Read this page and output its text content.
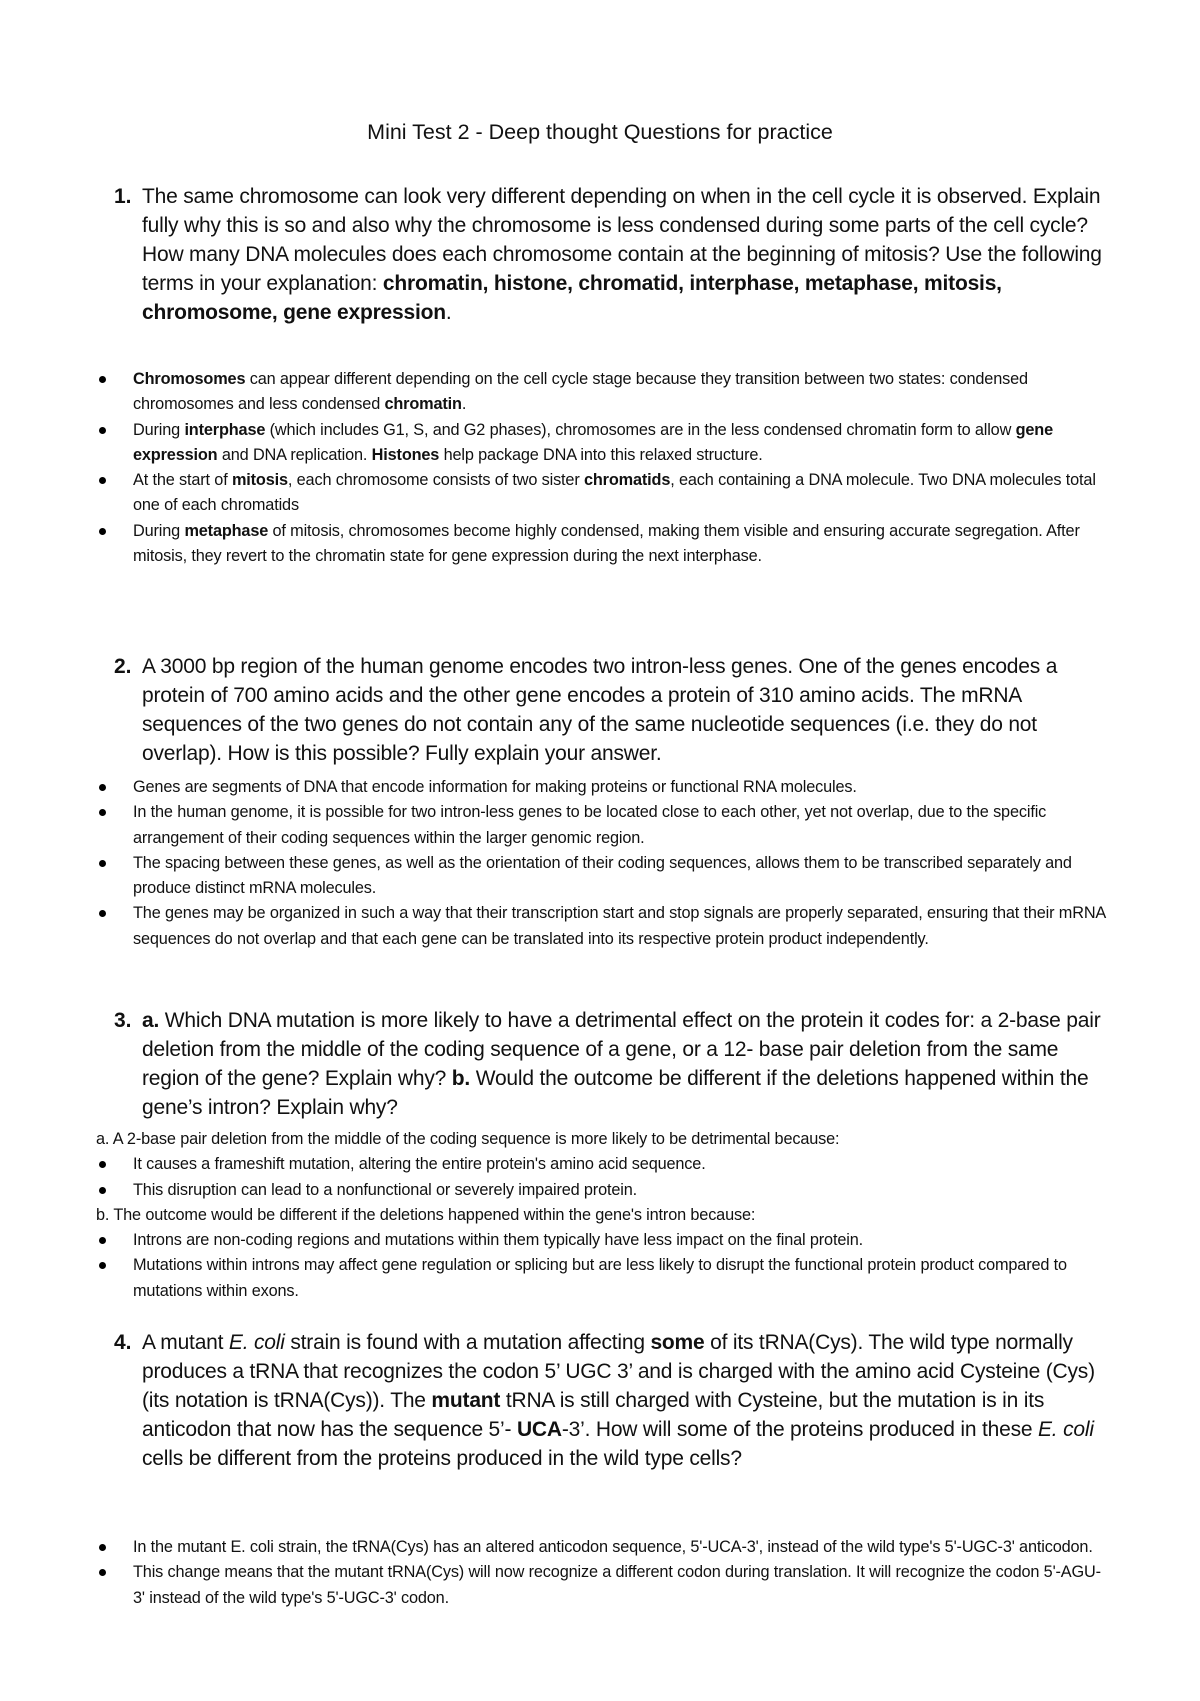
Mini Test 2 - Deep thought Questions for practice
1. The same chromosome can look very different depending on when in the cell cycle it is observed. Explain fully why this is so and also why the chromosome is less condensed during some parts of the cell cycle? How many DNA molecules does each chromosome contain at the beginning of mitosis? Use the following terms in your explanation: chromatin, histone, chromatid, interphase, metaphase, mitosis, chromosome, gene expression.
Chromosomes can appear different depending on the cell cycle stage because they transition between two states: condensed chromosomes and less condensed chromatin.
During interphase (which includes G1, S, and G2 phases), chromosomes are in the less condensed chromatin form to allow gene expression and DNA replication. Histones help package DNA into this relaxed structure.
At the start of mitosis, each chromosome consists of two sister chromatids, each containing a DNA molecule. Two DNA molecules total one of each chromatids
During metaphase of mitosis, chromosomes become highly condensed, making them visible and ensuring accurate segregation. After mitosis, they revert to the chromatin state for gene expression during the next interphase.
2. A 3000 bp region of the human genome encodes two intron-less genes. One of the genes encodes a protein of 700 amino acids and the other gene encodes a protein of 310 amino acids. The mRNA sequences of the two genes do not contain any of the same nucleotide sequences (i.e. they do not overlap). How is this possible? Fully explain your answer.
Genes are segments of DNA that encode information for making proteins or functional RNA molecules.
In the human genome, it is possible for two intron-less genes to be located close to each other, yet not overlap, due to the specific arrangement of their coding sequences within the larger genomic region.
The spacing between these genes, as well as the orientation of their coding sequences, allows them to be transcribed separately and produce distinct mRNA molecules.
The genes may be organized in such a way that their transcription start and stop signals are properly separated, ensuring that their mRNA sequences do not overlap and that each gene can be translated into its respective protein product independently.
3. a. Which DNA mutation is more likely to have a detrimental effect on the protein it codes for: a 2-base pair deletion from the middle of the coding sequence of a gene, or a 12- base pair deletion from the same region of the gene? Explain why? b. Would the outcome be different if the deletions happened within the gene’s intron? Explain why?
a. A 2-base pair deletion from the middle of the coding sequence is more likely to be detrimental because:
It causes a frameshift mutation, altering the entire protein's amino acid sequence.
This disruption can lead to a nonfunctional or severely impaired protein.
b. The outcome would be different if the deletions happened within the gene's intron because:
Introns are non-coding regions and mutations within them typically have less impact on the final protein.
Mutations within introns may affect gene regulation or splicing but are less likely to disrupt the functional protein product compared to mutations within exons.
4. A mutant E. coli strain is found with a mutation affecting some of its tRNA(Cys). The wild type normally produces a tRNA that recognizes the codon 5’ UGC 3’ and is charged with the amino acid Cysteine (Cys) (its notation is tRNA(Cys)). The mutant tRNA is still charged with Cysteine, but the mutation is in its anticodon that now has the sequence 5’- UCA-3’. How will some of the proteins produced in these E. coli cells be different from the proteins produced in the wild type cells?
In the mutant E. coli strain, the tRNA(Cys) has an altered anticodon sequence, 5'-UCA-3', instead of the wild type's 5'-UGC-3' anticodon.
This change means that the mutant tRNA(Cys) will now recognize a different codon during translation. It will recognize the codon 5'-AGU-3' instead of the wild type's 5'-UGC-3' codon.
